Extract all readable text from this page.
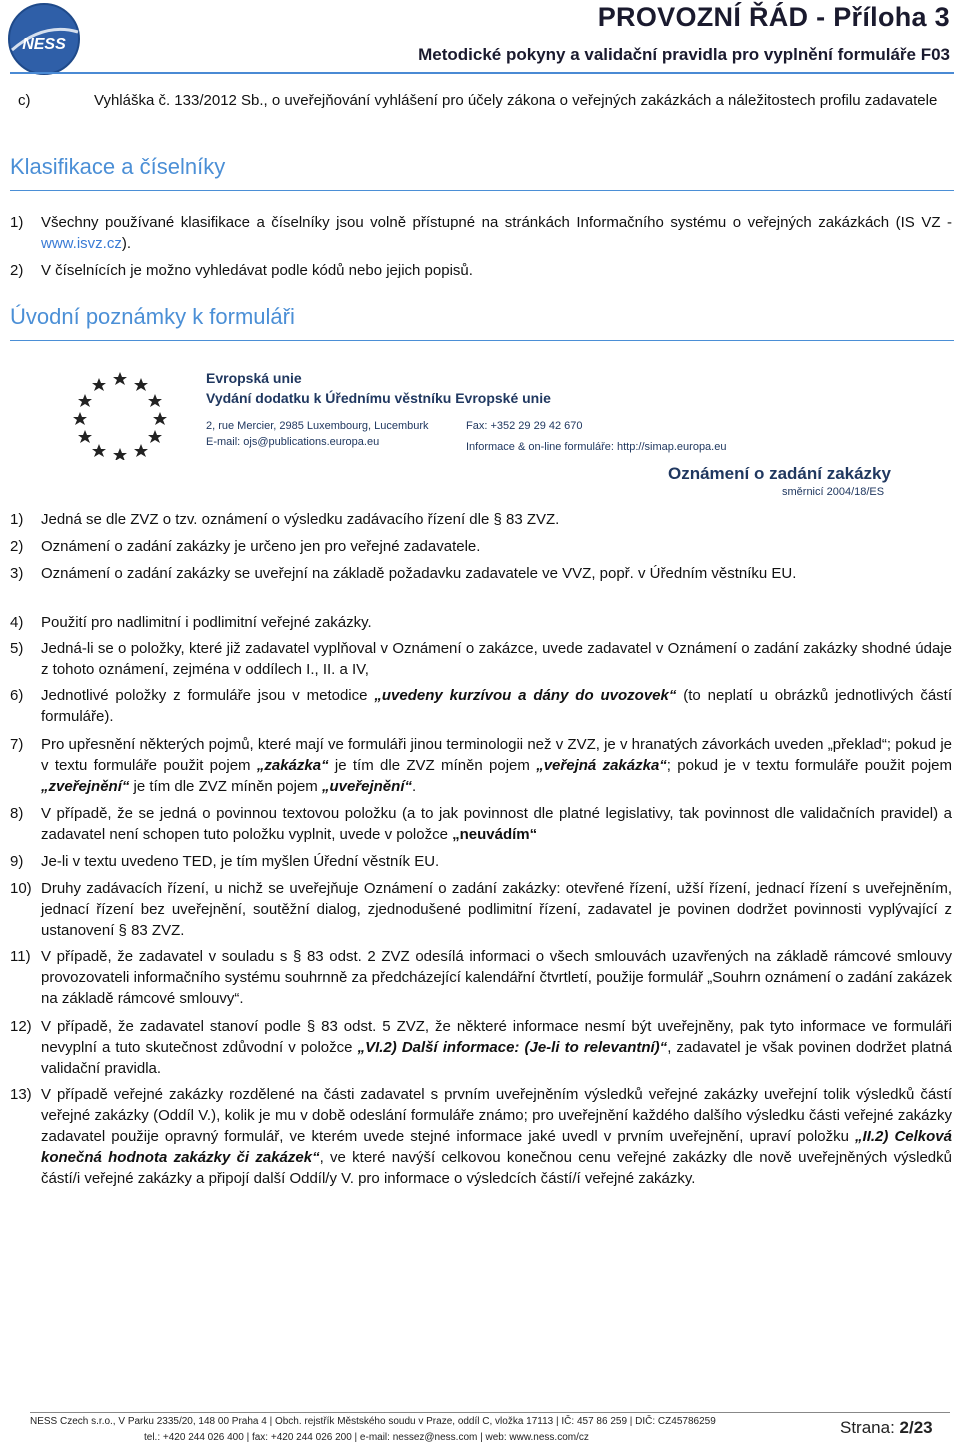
NESS
PROVOZNÍ ŘÁD - Příloha 3
Metodické pokyny a validační pravidla pro vyplnění formuláře F03
c)	Vyhláška č. 133/2012 Sb., o uveřejňování vyhlášení pro účely zákona o veřejných zakázkách a náležitostech profilu zadavatele
Klasifikace a číselníky
1)	Všechny používané klasifikace a číselníky jsou volně přístupné na stránkách Informačního systému o veřejných zakázkách (IS VZ - www.isvz.cz).
2)	V číselnících je možno vyhledávat podle kódů nebo jejich popisů.
Úvodní poznámky k formuláři
Evropská unie
Vydání dodatku k Úřednímu věstníku Evropské unie
2, rue Mercier, 2985 Luxembourg, Lucemburk
E-mail: ojs@publications.europa.eu
Fax: +352 29 29 42 670
Informace & on-line formuláře: http://simap.europa.eu
Oznámení o zadání zakázky
směrnicí 2004/18/ES
1)	Jedná se dle ZVZ o tzv. oznámení o výsledku zadávacího řízení dle § 83 ZVZ.
2)	Oznámení o zadání zakázky je určeno jen pro veřejné zadavatele.
3)	Oznámení o zadání zakázky se uveřejní na základě požadavku zadavatele ve VVZ, popř. v Úředním věstníku EU.
4)	Použití pro nadlimitní i podlimitní veřejné zakázky.
5)	Jedná-li se o položky, které již zadavatel vyplňoval v Oznámení o zakázce, uvede zadavatel v Oznámení o zadání zakázky shodné údaje z tohoto oznámení, zejména v oddílech I., II. a IV,
6)	Jednotlivé položky z formuláře jsou v metodice „uvedeny kurzívou a dány do uvozovek“ (to neplatí u obrázků jednotlivých částí formuláře).
7)	Pro upřesnění některých pojmů, které mají ve formuláři jinou terminologii než v ZVZ, je v hranatých závorkách uveden „překlad“; pokud je v textu formuláře použit pojem „zakázka“ je tím dle ZVZ míněn pojem „veřejná zakázka“; pokud je v textu formuláře použit pojem „zveřejnění“ je tím dle ZVZ míněn pojem „uveřejnění“.
8)	V případě, že se jedná o povinnou textovou položku (a to jak povinnost dle platné legislativy, tak povinnost dle validačních pravidel) a zadavatel není schopen tuto položku vyplnit, uvede v položce „neuvádím“
9)	Je-li v textu uvedeno TED, je tím myšlen Úřední věstník EU.
10) Druhy zadávacích řízení, u nichž se uveřejňuje Oznámení o zadání zakázky: otevřené řízení, užší řízení, jednací řízení s uveřejněním, jednací řízení bez uveřejnění, soutěžní dialog, zjednodušené podlimitní řízení, zadavatel je povinen dodržet povinnosti vyplývající z ustanovení § 83 ZVZ.
11) V případě, že zadavatel v souladu s § 83 odst. 2 ZVZ odesílá informaci o všech smlouvách uzavřených na základě rámcové smlouvy provozovateli informačního systému souhrnně za předcházející kalendářní čtvrtletí, použije formulář „Souhrn oznámení o zadání zakázek na základě rámcové smlouvy“.
12) V případě, že zadavatel stanoví podle § 83 odst. 5 ZVZ, že některé informace nesmí být uveřejněny, pak tyto informace ve formuláři nevyplní a tuto skutečnost zdůvodní v položce „VI.2) Další informace: (Je-li to relevantní)“, zadavatel je však povinen dodržet platná validační pravidla.
13) V případě veřejné zakázky rozdělené na části zadavatel s prvním uveřejněním výsledků veřejné zakázky uveřejní tolik výsledků částí veřejné zakázky (Oddíl V.), kolik je mu v době odeslání formuláře známo; pro uveřejnění každého dalšího výsledku části veřejné zakázky zadavatel použije opravný formulář, ve kterém uvede stejné informace jaké uvedl v prvním uveřejnění, upraví položku „II.2) Celková konečná hodnota zakázky či zakázek“, ve které navýší celkovou konečnou cenu veřejné zakázky dle nově uveřejněných výsledků částí/i veřejné zakázky a připojí další Oddíl/y V. pro informace o výsledcích částí/í veřejné zakázky.
NESS Czech s.r.o., V Parku 2335/20, 148 00 Praha 4 | Obch. rejstřík Městského soudu v Praze, oddíl C, vložka 17113 | IČ: 457 86 259 | DIČ: CZ45786259
tel.: +420 244 026 400 | fax: +420 244 026 200 | e-mail: nessez@ness.com | web: www.ness.com/cz
Strana: 2/23
